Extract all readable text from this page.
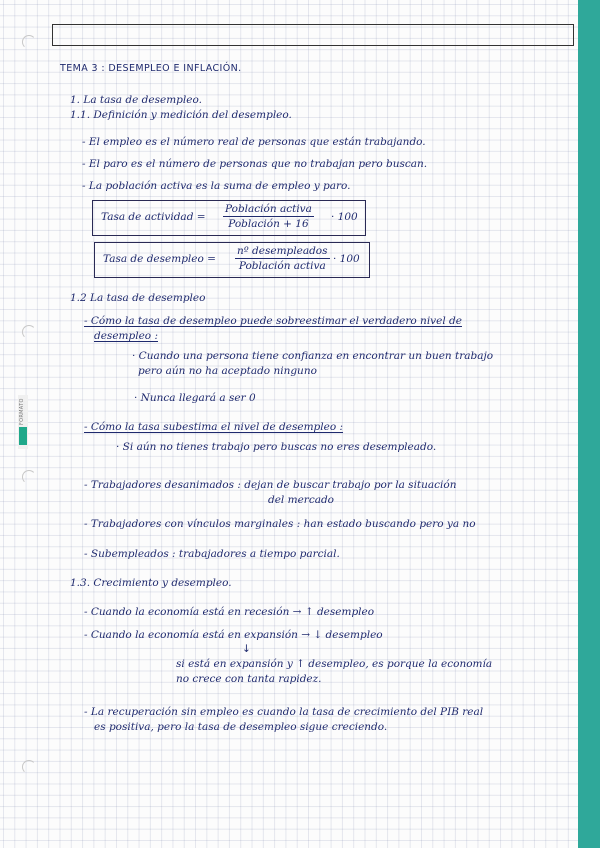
FORMATO
TEMA 3 : DESEMPLEO E INFLACIÓN.
1. La tasa de desempleo.
1.1. Definición y medición del desempleo.
- El empleo es el número real de personas que están trabajando.
- El paro es el número de personas que no trabajan pero buscan.
- La población activa es la suma de empleo y paro.
Tasa de actividad =
Población activa
Población + 16
· 100
Tasa de desempleo =
nº desempleados
Población activa
· 100
1.2 La tasa de desempleo
- Cómo la tasa de desempleo puede sobreestimar el verdadero nivel de
desempleo :
· Cuando una persona tiene confianza en encontrar un buen trabajo
pero aún no ha aceptado ninguno
· Nunca llegará a ser 0
- Cómo la tasa subestima el nivel de desempleo :
· Si aún no tienes trabajo pero buscas no eres desempleado.
- Trabajadores desanimados : dejan de buscar trabajo por la situación
del mercado
- Trabajadores con vínculos marginales : han estado buscando pero ya no
- Subempleados : trabajadores a tiempo parcial.
1.3. Crecimiento y desempleo.
- Cuando la economía está en recesión → ↑ desempleo
- Cuando la economía está en expansión → ↓ desempleo
↓
si está en expansión y ↑ desempleo, es porque la economía
no crece con tanta rapidez.
- La recuperación sin empleo es cuando la tasa de crecimiento del PIB real
es positiva, pero la tasa de desempleo sigue creciendo.
